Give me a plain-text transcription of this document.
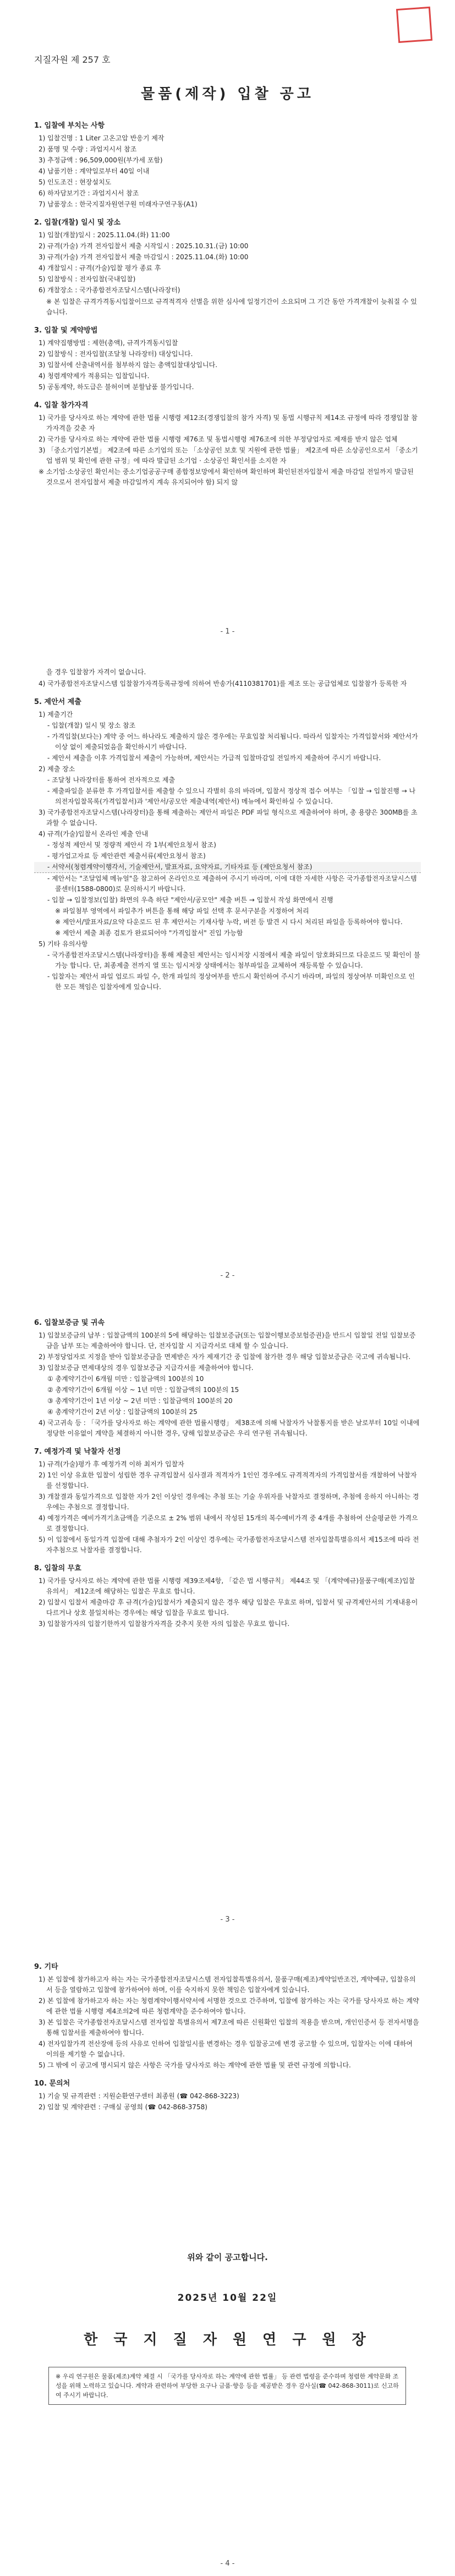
지질자원 제 257 호
물품(제작) 입찰 공고
1. 입찰에 부치는 사항
1) 입찰건명 : 1 Liter 고온고압 반응기 제작
2) 품명 및 수량 : 과업지시서 참조
3) 추정금액 : 96,509,000원(부가세 포함)
4) 납품기한 : 계약일로부터 40일 이내
5) 인도조건 : 현장설치도
6) 하자담보기간 : 과업지시서 참조
7) 납품장소 : 한국지질자원연구원 미래자구연구동(A1)
2. 입찰(개찰) 일시 및 장소
1) 입찰(개찰)일시 : 2025.11.04.(화) 11:00
2) 규격(가술) 가격 전자입찰서 제출 시작일시 : 2025.10.31.(금) 10:00
3) 규격(가술) 가격 전자입찰서 제출 마감일시 : 2025.11.04.(화) 10:00
4) 개찰일시 : 규격(가술)입찰 평가 종료 후
5) 입찰방식 : 전자입찰(국내입찰)
6) 개찰장소 : 국가종합전자조달시스템(나라장터)
※ 본 입찰은 규격가격동시입찰이므로 규격적격자 선별을 위한 심사에 일정기간이 소요되며 그 기간 동안 가격개찰이 늦춰질 수 있습니다.
3. 입찰 및 계약방법
1) 계약집행방법 : 제한(총액), 규격가격동시입찰
2) 입찰방식 : 전자입찰(조달청 나라장터) 대상입니다.
3) 입찰서에 산출내역서를 첨부하지 않는 총액입찰대상입니다.
4) 청렴계약제가 적용되는 입찰입니다.
5) 공동계약, 하도급은 불허이며 분할납품 불가입니다.
4. 입찰 참가자격
1) 국가를 당사자로 하는 계약에 관한 법률 시행령 제12조(경쟁입찰의 참가 자격) 및 동법 시행규칙 제14조 규정에 따라 경쟁입찰 참가자격을 갖춘 자
2) 국가를 당사자로 하는 계약에 관한 법률 시행령 제76조 및 동법시행령 제76조에 의한 부정당업자로 제재를 받지 않은 업체
3) 「중소기업기본법」 제2조에 따른 소기업의 또는 「소상공인 보호 및 지원에 관한 법률」 제2조에 따른 소상공인으로서 「중소기업 범위 및 확인에 관한 규정」에 따라 발급된 소기업 · 소상공인 확인서를 소지한 자
※ 소기업·소상공인 확인서는 중소기업공공구매 종합정보망에서 확인하며 확인하며 확인된전자입찰서 제출 마감일 전일까지 발급된 것으로서 전자입찰서 제출 마감일까지 계속 유지되어야 함) 되지 않
- 1 -
을 경우 입찰참가 자격이 없습니다.
4) 국가종합전자조달시스템 입찰참가자격등록규정에 의하여 반송가(4110381701)를 제조 또는 공급업체로 입찰참가 등록한 자
5. 제안서 제출
1) 제출기간
- 입찰(개찰) 일시 및 장소 참조
- 가격입찰(보다는) 계약 중 어느 하나라도 제출하지 않은 경우에는 무효입찰 처리됩니다. 따라서 입찰자는 가격입찰서와 제안서가 이상 없이 제출되었음을 확인하시기 바랍니다.
- 제안서 제출을 이후 가격입찰서 제출이 가능하며, 제안서는 가급적 입찰마감일 전일까지 제출하여 주시기 바랍니다.
2) 제출 장소
- 조달청 나라장터를 통하여 전자적으로 제출
- 제출파일을 분류한 후 가격입찰서를 제출할 수 있으니 각별히 유의 바라며, 입찰서 정상적 접수 여부는 「입찰 → 입찰진행 → 나의전자입찰목록(가격입찰서)과 '제안서/공모안 제출내역(제안서) 메뉴에서 확인하실 수 있습니다.
3) 국가종합전자조달시스템(나라장터)을 통해 제출하는 제안서 파일은 PDF 파일 형식으로 제출하여야 하며, 총 용량은 300MB를 초과할 수 없습니다.
4) 규격(가술)입찰서 온라인 제출 안내
- 정성적 제안서 및 정량적 제안서 각 1부(제안요청서 참조)
- 평가업고자료 등 제안관련 제출서류(제안요청서 참조)
- 서약서(청렴계약이행각서, 기술제안서, 발표자료, 요약자료, 기타자료 등 (제안요청서 참조)
- 제안서는 "조달업체 메뉴얼"을 참고하여 온라인으로 제출하여 주시기 바라며, 이에 대한 자세한 사항은 국가종합전자조달시스템 콜센터(1588-0800)로 문의하시기 바랍니다.
- 입찰 → 입찰정보(입찰) 화면의 우측 하단 "제안서/공모안" 제출 버튼 → 입찰서 작성 화면에서 진행
※ 파일첨부 영역에서 파일추가 버튼을 통해 해당 파일 선택 후 문서구분을 지정하여 처리
※ 제안서/발표자료/요약 다운로드 된 후 제안서는 기재사항 누락, 버전 등 발견 시 다시 처리된 파일을 등록하여야 합니다.
※ 제안서 제출 최종 검토가 완료되어야 "가격입찰서" 진입 가능함
5) 기타 유의사항
- 국가종합전자조달시스템(나라장터)을 통해 제출된 제안서는 임시저장 시점에서 제출 파일이 암호화되므로 다운로드 및 확인이 불가능 합니다. 단, 최종제출 전까지 열 또는 임시저장 상태에서는 첨부파일을 교체하여 재등록할 수 있습니다.
- 입찰자는 제안서 파일 업로드 파일 수, 한개 파일의 정상여부를 반드시 확인하여 주시기 바라며, 파일의 정상여부 미확인으로 인한 모든 책임은 입찰자에게 있습니다.
- 2 -
6. 입찰보증금 및 귀속
1) 입찰보증금의 납부 : 입찰금액의 100분의 5에 해당하는 입찰보증금(또는 입찰이행보증보험증권)을 반드시 입찰일 전일 입찰보증금을 납부 또는 제출하여야 합니다. 단, 전자입찰 시 지급각서로 대체 할 수 있습니다.
2) 부정당업자로 지정을 받아 입찰보증금을 면제받은 자가 제재기간 중 입찰에 참가한 경우 해당 입찰보증금은 국고에 귀속됩니다.
3) 입찰보증금 면제대상의 경우 입찰보증금 지급각서를 제출하여야 합니다.
① 총계약기간이 6개월 미만 : 입찰금액의 100분의 10
② 총계약기간이 6개월 이상 ~ 1년 미만 : 입찰금액의 100분의 15
③ 총계약기간이 1년 이상 ~ 2년 미만 : 입찰금액의 100분의 20
④ 총계약기간이 2년 이상 : 입찰금액의 100분의 25
4) 국고귀속 등 : 「국가를 당사자로 하는 계약에 관한 법률시행령」 제38조에 의해 낙찰자가 낙찰통지를 받은 날로부터 10일 이내에 정당한 이유없이 계약을 체결하지 아니한 경우, 당해 입찰보증금은 우리 연구원 귀속됩니다.
7. 예정가격 및 낙찰자 선정
1) 규격(가술)평가 후 예정가격 이하 최저가 입찰자
2) 1인 이상 유효한 입찰이 성립한 경우 규격입찰서 심사결과 적격자가 1인인 경우에도 규격적격자의 가격입찰서를 개찰하여 낙찰자를 선정합니다.
3) 개찰결과 동일가격으로 입찰한 자가 2인 이상인 경우에는 추첨 또는 기술 우위자를 낙찰자로 결정하며, 추첨에 응하지 아니하는 경우에는 추첨으로 결정합니다.
4) 예정가격은 예비가격기초금액을 기준으로 ± 2% 범위 내에서 작성된 15개의 복수예비가격 중 4개를 추첨하여 산술평균한 가격으로 결정합니다.
5) 이 입찰에서 동일가격 입찰에 대해 추첨자가 2인 이상인 경우에는 국가종합전자조달시스템 전자입찰특별유의서 제15조에 따라 전자추첨으로 낙찰자를 결정합니다.
8. 입찰의 무효
1) 국가를 당사자로 하는 계약에 관한 법률 시행령 제39조제4항, 「같은 법 시행규칙」 제44조 및 「(계약예규)물품구매(제조)입찰유의서」 제12조에 해당하는 입찰은 무효로 합니다.
2) 입찰시 입찰서 제출마감 후 규격(가술)입찰서가 제출되지 않은 경우 해당 입찰은 무효로 하며, 입찰서 및 규격제안서의 기재내용이 다르거나 상호 불일치하는 경우에는 해당 입찰을 무효로 합니다.
3) 입찰참가자의 입찰기한까지 입찰참가자격을 갖추지 못한 자의 입찰은 무효로 합니다.
- 3 -
9. 기타
1) 본 입찰에 참가하고자 하는 자는 국가종합전자조달시스템 전자입찰특별유의서, 물품구매(제조)계약일반조건, 계약예규, 입찰유의서 등을 열람하고 입찰에 참가하여야 하며, 이를 숙지하지 못한 책임은 입찰자에게 있습니다.
2) 본 입찰에 참가하고자 하는 자는 청렴계약이행서약서에 서명한 것으로 간주하며, 입찰에 참가하는 자는 국가를 당사자로 하는 계약에 관한 법률 시행령 제4조의2에 따른 청렴계약을 준수하여야 합니다.
3) 본 입찰은 국가종합전자조달시스템 전자입찰 특별유의서 제7조에 따른 신원확인 입찰의 적용을 받으며, 개인인증서 등 전자서명을 통해 입찰서를 제출하여야 합니다.
4) 전자입찰가격 전산장애 등의 사유로 인하여 입찰일시를 변경하는 경우 입찰공고에 변경 공고할 수 있으며, 입찰자는 이에 대하여 이의를 제기할 수 없습니다.
5) 그 밖에 이 공고에 명시되지 않은 사항은 국가를 당사자로 하는 계약에 관한 법률 및 관련 규정에 의합니다.
10. 문의처
1) 기술 및 규격관련 : 지원순환연구센터 최종원 (☎ 042-868-3223)
2) 입찰 및 계약관련 : 구매실 공영희 (☎ 042-868-3758)
위와 같이 공고합니다.
2025년 10월 22일
한 국 지 질 자 원 연 구 원 장
※ 우리 연구원은 물품(제조)계약 체결 시 「국가를 당사자로 하는 계약에 관한 법률」 등 관련 법령을 준수하며 청렴한 계약문화 조성을 위해 노력하고 있습니다. 계약과 관련하여 부당한 요구나 금품·향응 등을 제공받은 경우 감사실(☎ 042-868-3011)로 신고하여 주시기 바랍니다.
- 4 -
